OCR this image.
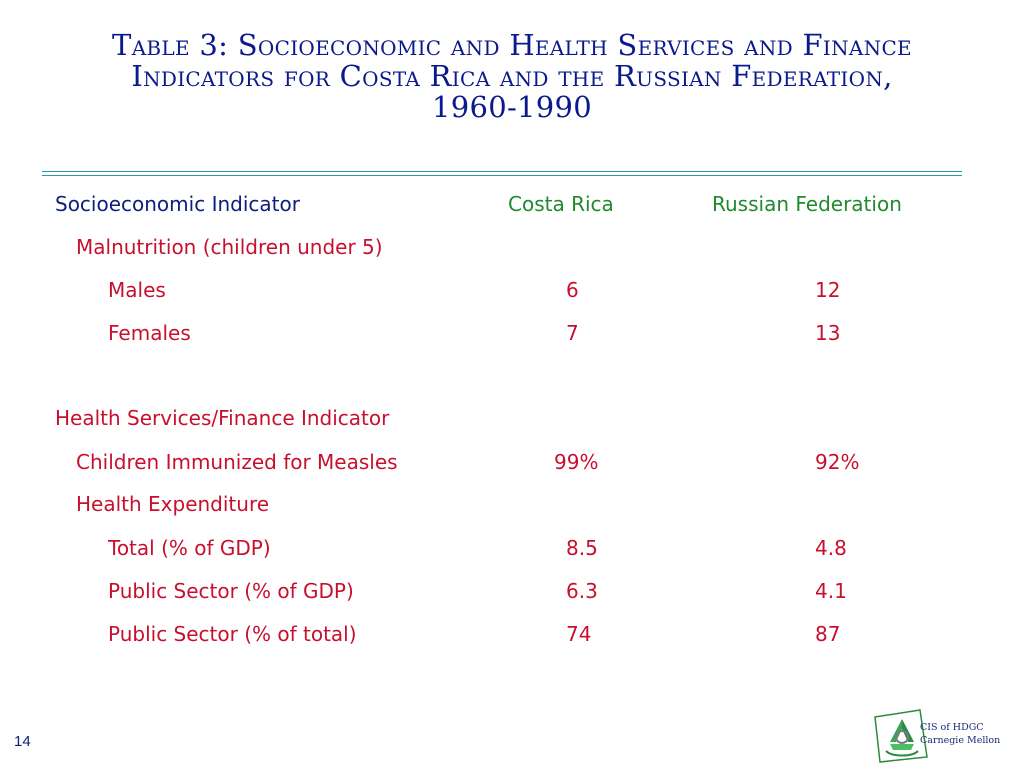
Table 3: Socioeconomic and Health Services and Finance
Indicators for Costa Rica and the Russian Federation,
1960-1990
Socioeconomic Indicator	Costa Rica	Russian Federation
Malnutrition (children under 5)
Males	6	12
Females	7	13
Health Services/Finance Indicator
Children Immunized for Measles	99%	92%
Health Expenditure
Total (% of GDP)	8.5	4.8
Public Sector (% of GDP)	6.3	4.1
Public Sector (% of total)	74	87
14
CIS of HDGC
Carnegie Mellon
